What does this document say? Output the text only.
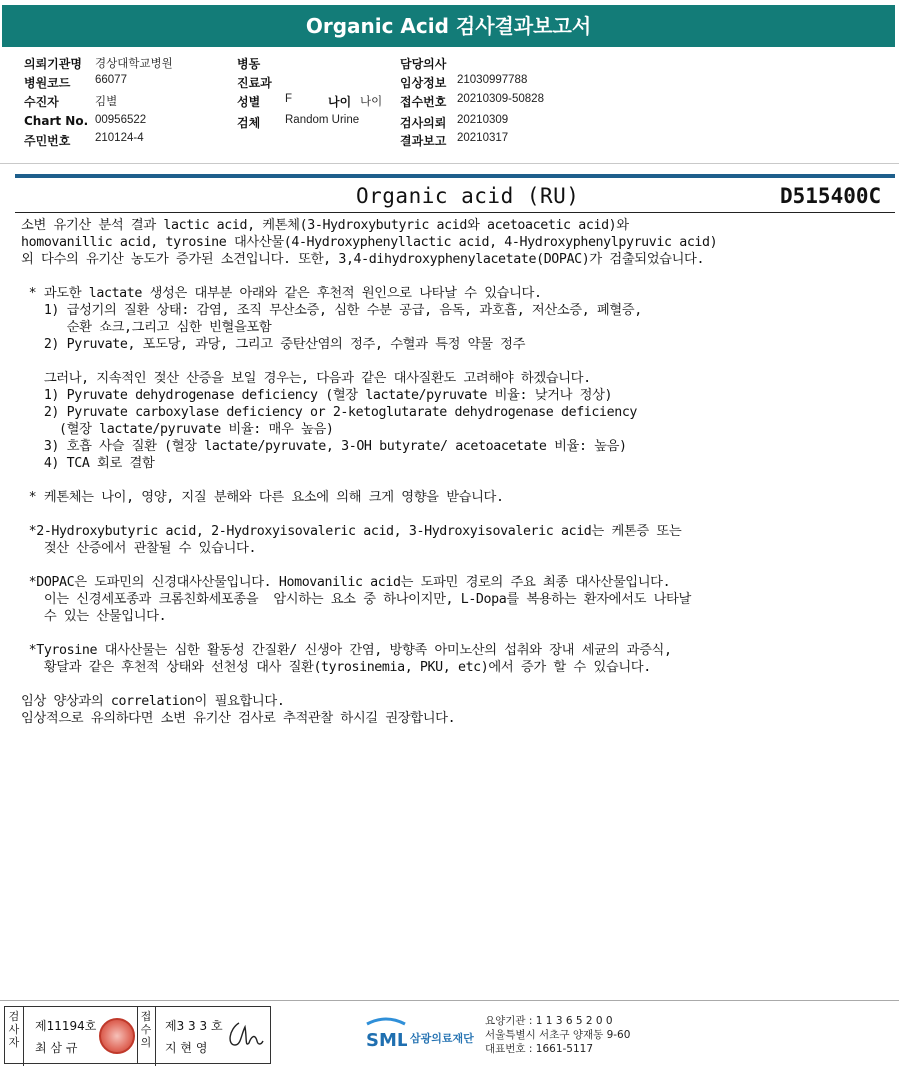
Organic Acid 검사결과보고서
의뢰기관명 경상대학교병원	병동	담당의사
병원코드 66077	진료과	임상정보 21030997788
수진자	김별	성별 F	나이 나이 접수번호 20210309-50828
Chart No. 00956522	검체 Random Urine	검사의뢰 20210309
주민번호 210124-4	결과보고 20210317
Organic acid (RU)	D515400C
소변 유기산 분석 결과 lactic acid, 케톤체(3-Hydroxybutyric acid와 acetoacetic acid)와
homovanillic acid, tyrosine 대사산물(4-Hydroxyphenyllactic acid, 4-Hydroxyphenylpyruvic acid)
외 다수의 유기산 농도가 증가된 소견입니다. 또한, 3,4-dihydroxyphenylacetate(DOPAC)가 검출되었습니다.
* 과도한 lactate 생성은 대부분 아래와 같은 후천적 원인으로 나타날 수 있습니다.
1) 급성기의 질환 상태: 감염, 조직 무산소증, 심한 수분 공급, 음독, 과호흡, 저산소증, 폐혈증,
순환 쇼크,그리고 심한 빈혈을포함
2) Pyruvate, 포도당, 과당, 그리고 중탄산염의 정주, 수혈과 특정 약물 정주
그러나, 지속적인 젖산 산증을 보일 경우는, 다음과 같은 대사질환도 고려해야 하겠습니다.
1) Pyruvate dehydrogenase deficiency (혈장 lactate/pyruvate 비율: 낮거나 정상)
2) Pyruvate carboxylase deficiency or 2-ketoglutarate dehydrogenase deficiency
(혈장 lactate/pyruvate 비율: 매우 높음)
3) 호흡 사슬 질환 (혈장 lactate/pyruvate, 3-OH butyrate/ acetoacetate 비율: 높음)
4) TCA 회로 결함
* 케톤체는 나이, 영양, 지질 분해와 다른 요소에 의해 크게 영향을 받습니다.
*2-Hydroxybutyric acid, 2-Hydroxyisovaleric acid, 3-Hydroxyisovaleric acid는 케톤증 또는
젖산 산증에서 관찰될 수 있습니다.
*DOPAC은 도파민의 신경대사산물입니다. Homovanilic acid는 도파민 경로의 주요 최종 대사산물입니다.
이는 신경세포종과 크롬친화세포종을  암시하는 요소 중 하나이지만, L-Dopa를 복용하는 환자에서도 나타날
수 있는 산물입니다.
*Tyrosine 대사산물는 심한 활동성 간질환/ 신생아 간염, 방향족 아미노산의 섭취와 장내 세균의 과증식,
황달과 같은 후천적 상태와 선천성 대사 질환(tyrosinemia, PKU, etc)에서 증가 할 수 있습니다.
임상 양상과의 correlation이 필요합니다.
임상적으로 유의하다면 소변 유기산 검사로 추적관찰 하시길 권장합니다.
검사자
제11194호
최 삼 규
접수의
제3 3 3 호
지 현 영	SML 삼광의료재단
요양기관 : 1 1 3 6 5 2 0 0
서울특별시 서초구 양재동 9-60
대표번호 : 1661-5117
